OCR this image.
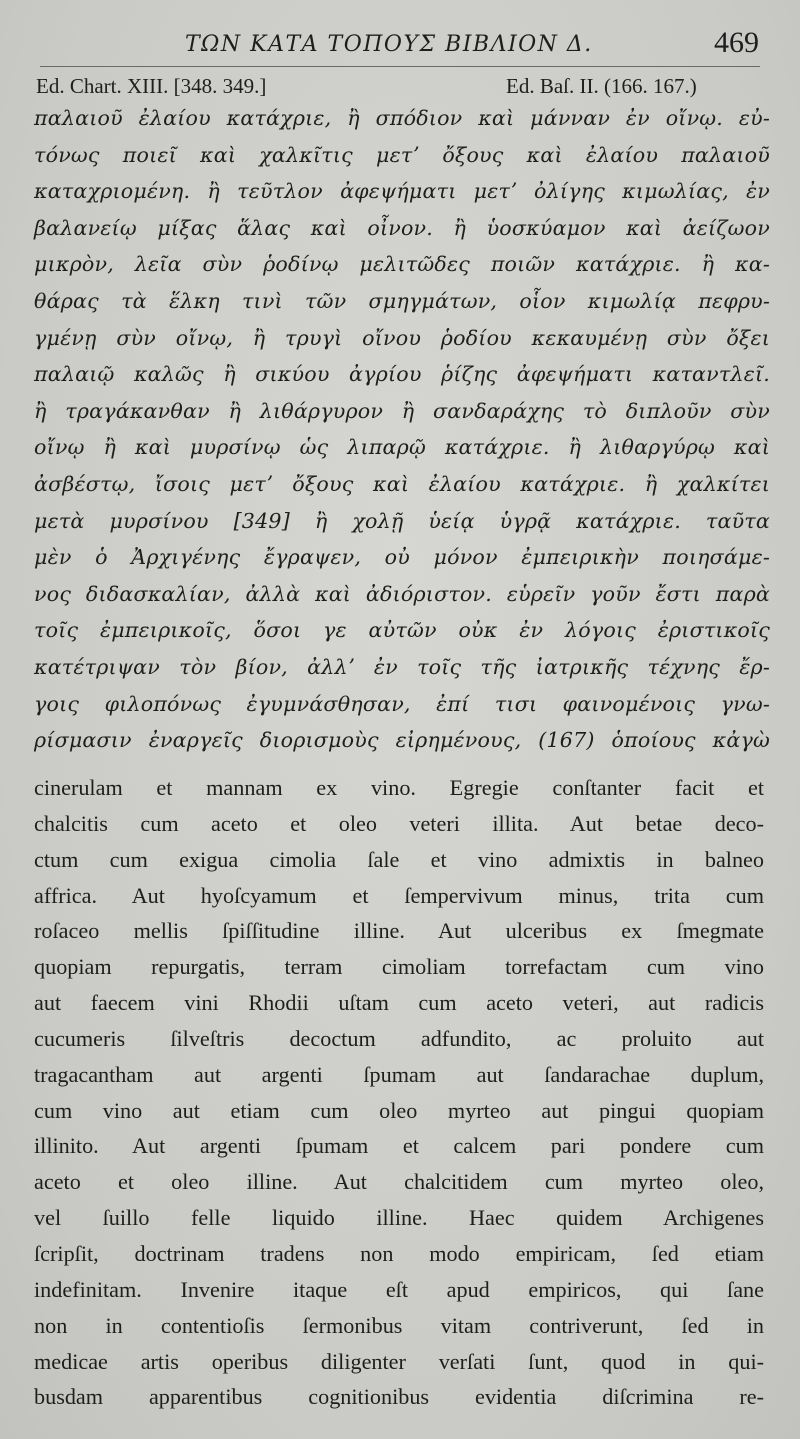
ΤΩΝ ΚΑΤΑ ΤΟΠΟΥΣ ΒΙΒΛΙΟΝ Δ.	469
Ed. Chart. XIII. [348. 349.]	Ed. Baſ. II. (166. 167.)
παλαιοῦ ἐλαίου κατάχριε, ἢ σπόδιον καὶ μάνναν ἐν οἴνῳ. εὐ-
τόνως ποιεῖ καὶ χαλκῖτις μετʼ ὄξους καὶ ἐλαίου παλαιοῦ
καταχριομένη. ἢ τεῦτλον ἀφεψήματι μετʼ ὀλίγης κιμωλίας, ἐν
βαλανείῳ μίξας ἅλας καὶ οἶνον. ἢ ὑοσκύαμον καὶ ἀείζωον
μικρὸν, λεῖα σὺν ῥοδίνῳ μελιτῶδες ποιῶν κατάχριε. ἢ κα-
θάρας τὰ ἕλκη τινὶ τῶν σμηγμάτων, οἷον κιμωλίᾳ πεφρυ-
γμένῃ σὺν οἴνῳ, ἢ τρυγὶ οἴνου ῥοδίου κεκαυμένῃ σὺν ὄξει
παλαιῷ καλῶς ἢ σικύου ἀγρίου ῥίζης ἀφεψήματι καταντλεῖ.
ἢ τραγάκανθαν ἢ λιθάργυρον ἢ σανδαράχης τὸ διπλοῦν σὺν
οἴνῳ ἢ καὶ μυρσίνῳ ὡς λιπαρῷ κατάχριε. ἢ λιθαργύρῳ καὶ
ἀσβέστῳ, ἴσοις μετʼ ὄξους καὶ ἐλαίου κατάχριε. ἢ χαλκίτει
μετὰ μυρσίνου [349] ἢ χολῇ ὑείᾳ ὑγρᾷ κατάχριε. ταῦτα
μὲν ὁ Ἀρχιγένης ἔγραψεν, οὐ μόνον ἐμπειρικὴν ποιησάμε-
νος διδασκαλίαν, ἀλλὰ καὶ ἀδιόριστον. εὑρεῖν γοῦν ἔστι παρὰ
τοῖς ἐμπειρικοῖς, ὅσοι γε αὐτῶν οὐκ ἐν λόγοις ἐριστικοῖς
κατέτριψαν τὸν βίον, ἀλλʼ ἐν τοῖς τῆς ἰατρικῆς τέχνης ἔρ-
γοις φιλοπόνως ἐγυμνάσθησαν, ἐπί τισι φαινομένοις γνω-
ρίσμασιν ἐναργεῖς διορισμοὺς εἰρημένους, (167) ὁποίους κἀγὼ
cinerulam et mannam ex vino. Egregie conſtanter facit et
chalcitis cum aceto et oleo veteri illita. Aut betae deco-
ctum cum exigua cimolia ſale et vino admixtis in balneo
affrica. Aut hyoſcyamum et ſempervivum minus, trita cum
roſaceo mellis ſpiſſitudine illine. Aut ulceribus ex ſmegmate
quopiam repurgatis, terram cimoliam torrefactam cum vino
aut faecem vini Rhodii uſtam cum aceto veteri, aut radicis
cucumeris ſilveſtris decoctum adfundito, ac proluito aut
tragacantham aut argenti ſpumam aut ſandarachae duplum,
cum vino aut etiam cum oleo myrteo aut pingui quopiam
illinito. Aut argenti ſpumam et calcem pari pondere cum
aceto et oleo illine. Aut chalcitidem cum myrteo oleo,
vel ſuillo felle liquido illine. Haec quidem Archigenes
ſcripſit, doctrinam tradens non modo empiricam, ſed etiam
indefinitam. Invenire itaque eſt apud empiricos, qui ſane
non in contentioſis ſermonibus vitam contriverunt, ſed in
medicae artis operibus diligenter verſati ſunt, quod in qui-
busdam apparentibus cognitionibus evidentia diſcrimina re-
